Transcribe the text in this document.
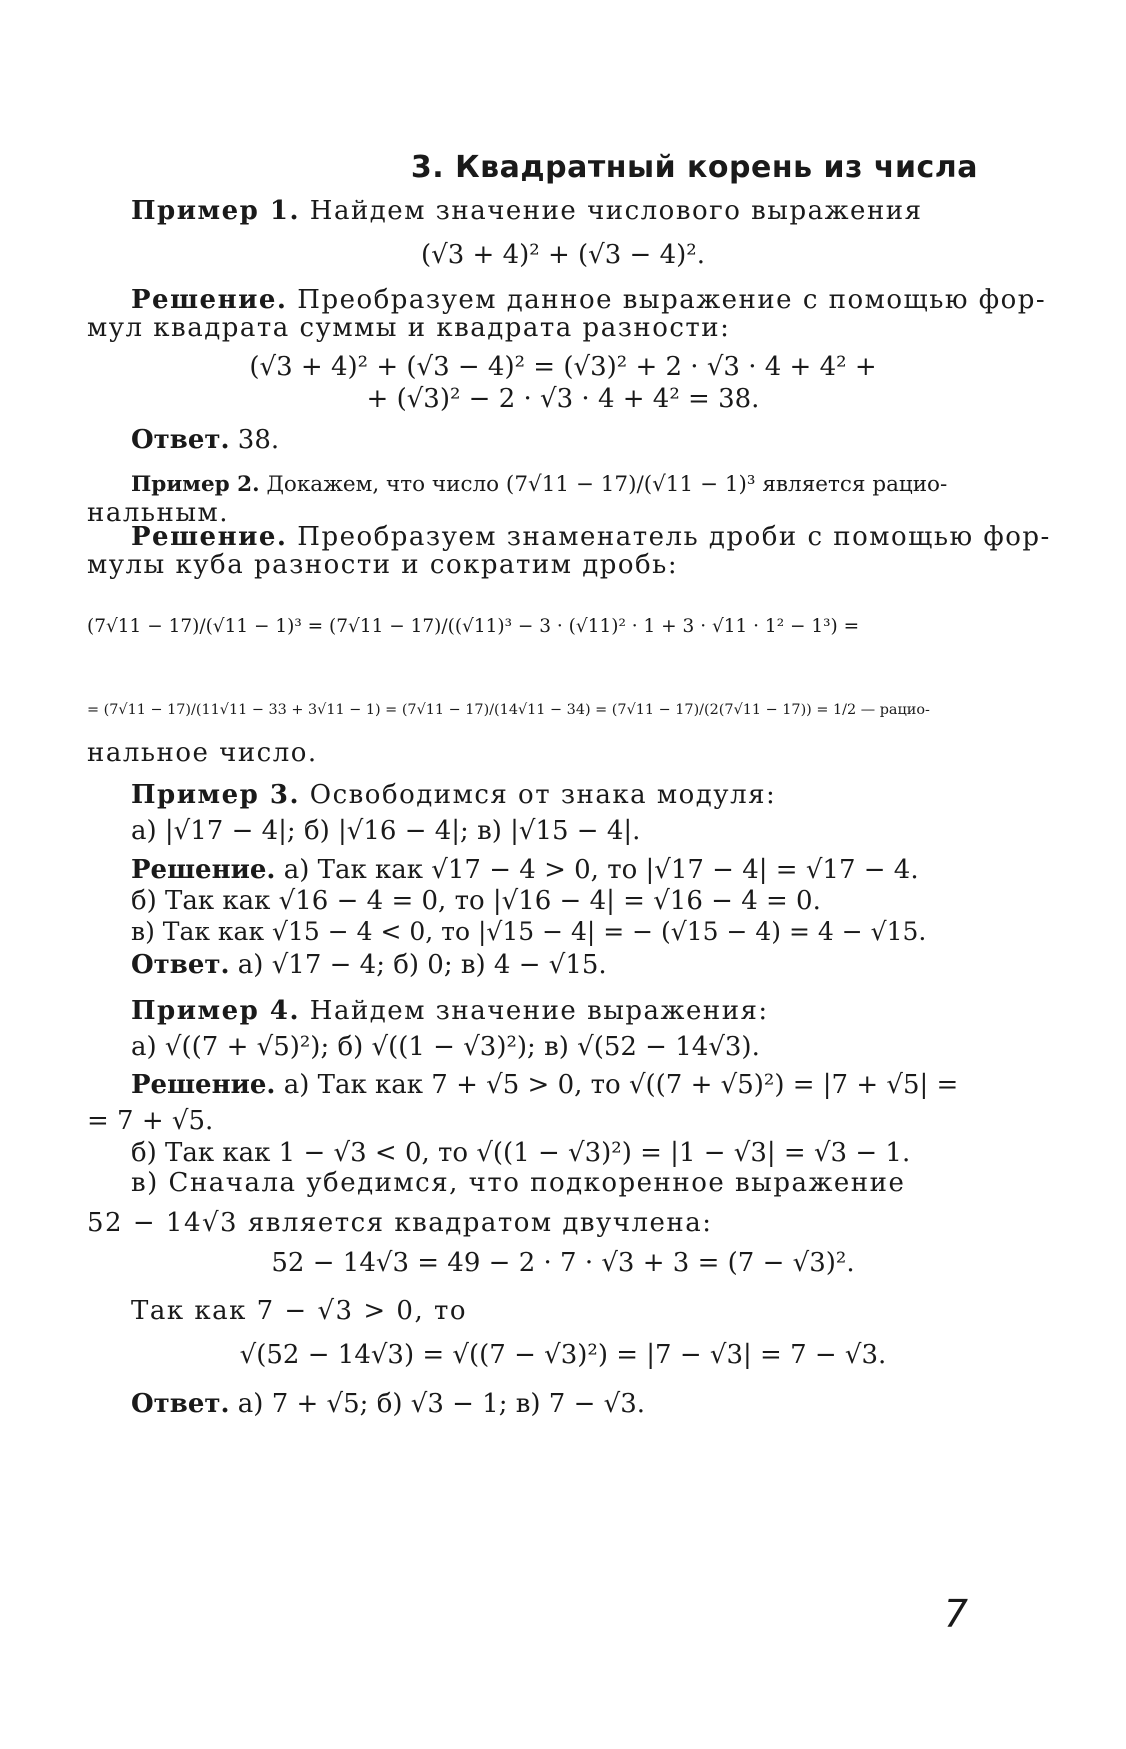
3. Квадратный корень из числа
Пример 1. Найдем значение числового выражения
(√3 + 4)² + (√3 − 4)².
Решение. Преобразуем данное выражение с помощью фор-
мул квадрата суммы и квадрата разности:
(√3 + 4)² + (√3 − 4)² = (√3)² + 2 · √3 · 4 + 4² +
+ (√3)² − 2 · √3 · 4 + 4² = 38.
Ответ. 38.
Пример 2. Докажем, что число (7√11 − 17)/(√11 − 1)³ является рацио-
нальным.
Решение. Преобразуем знаменатель дроби с помощью фор-
мулы куба разности и сократим дробь:
(7√11 − 17)/(√11 − 1)³ = (7√11 − 17)/((√11)³ − 3 · (√11)² · 1 + 3 · √11 · 1² − 1³) =
= (7√11 − 17)/(11√11 − 33 + 3√11 − 1) = (7√11 − 17)/(14√11 − 34) = (7√11 − 17)/(2(7√11 − 17)) = 1/2 — рацио-
нальное число.
Пример 3. Освободимся от знака модуля:
а) |√17 − 4|; б) |√16 − 4|; в) |√15 − 4|.
Решение. а) Так как √17 − 4 > 0, то |√17 − 4| = √17 − 4.
б) Так как √16 − 4 = 0, то |√16 − 4| = √16 − 4 = 0.
в) Так как √15 − 4 < 0, то |√15 − 4| = − (√15 − 4) = 4 − √15.
Ответ. а) √17 − 4; б) 0; в) 4 − √15.
Пример 4. Найдем значение выражения:
а) √((7 + √5)²); б) √((1 − √3)²); в) √(52 − 14√3).
Решение. а) Так как 7 + √5 > 0, то √((7 + √5)²) = |7 + √5| =
= 7 + √5.
б) Так как 1 − √3 < 0, то √((1 − √3)²) = |1 − √3| = √3 − 1.
в) Сначала убедимся, что подкоренное выражение
52 − 14√3 является квадратом двучлена:
52 − 14√3 = 49 − 2 · 7 · √3 + 3 = (7 − √3)².
Так как 7 − √3 > 0, то
√(52 − 14√3) = √((7 − √3)²) = |7 − √3| = 7 − √3.
Ответ. а) 7 + √5; б) √3 − 1; в) 7 − √3.
7
